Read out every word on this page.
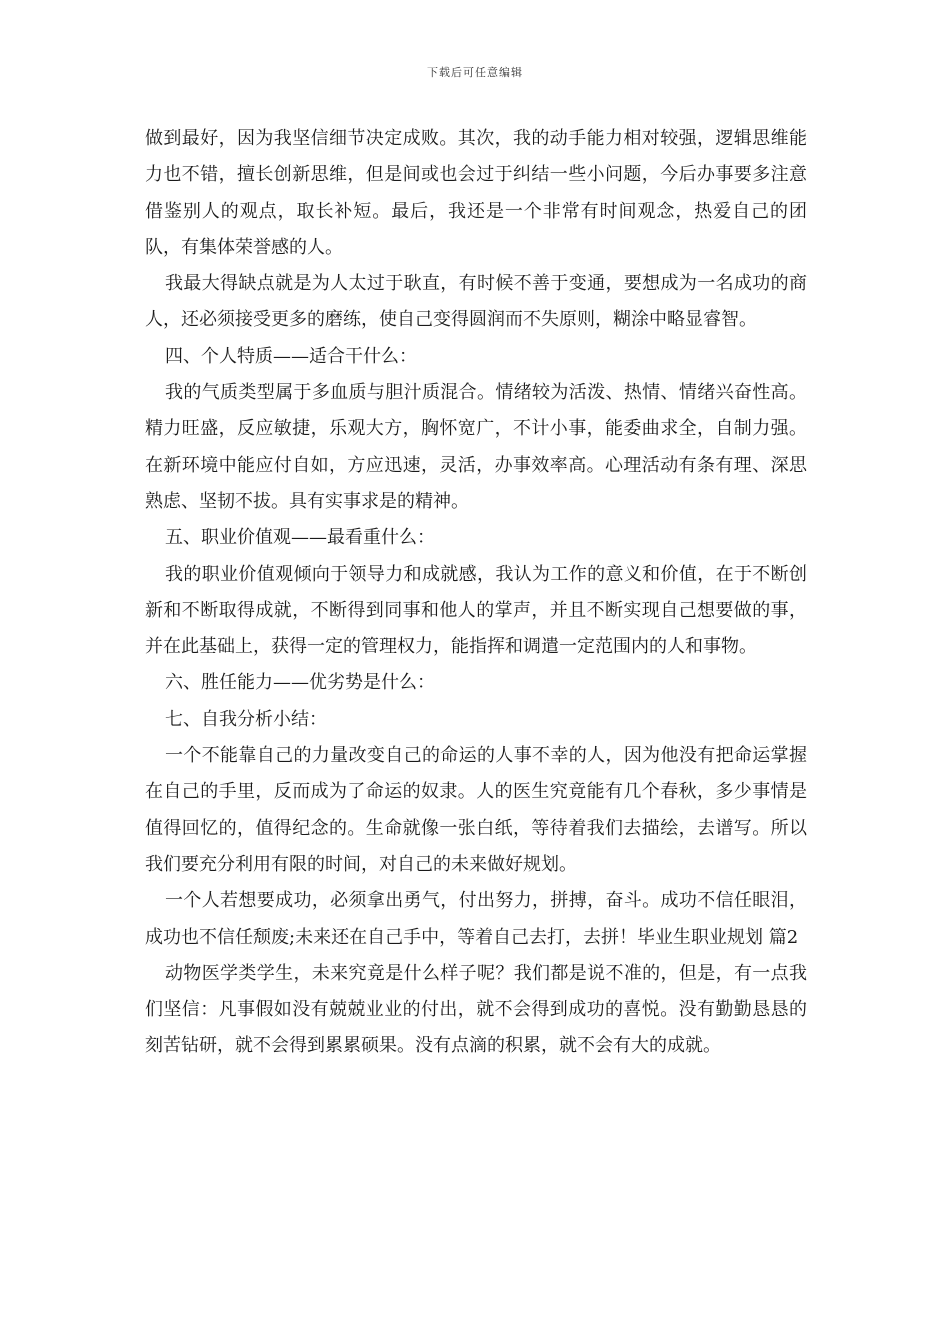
下载后可任意编辑

做到最好，因为我坚信细节决定成败。其次，我的动手能力相对较强，逻辑思维能力也不错，擅长创新思维，但是间或也会过于纠结一些小问题，今后办事要多注意借鉴别人的观点，取长补短。最后，我还是一个非常有时间观念，热爱自己的团队，有集体荣誉感的人。

我最大得缺点就是为人太过于耿直，有时候不善于变通，要想成为一名成功的商人，还必须接受更多的磨练，使自己变得圆润而不失原则，糊涂中略显睿智。

四、个人特质——适合干什么：

我的气质类型属于多血质与胆汁质混合。情绪较为活泼、热情、情绪兴奋性高。精力旺盛，反应敏捷，乐观大方，胸怀宽广，不计小事，能委曲求全，自制力强。在新环境中能应付自如，方应迅速，灵活，办事效率高。心理活动有条有理、深思熟虑、坚韧不拔。具有实事求是的精神。

五、职业价值观——最看重什么：

我的职业价值观倾向于领导力和成就感，我认为工作的意义和价值，在于不断创新和不断取得成就，不断得到同事和他人的掌声，并且不断实现自己想要做的事，并在此基础上，获得一定的管理权力，能指挥和调遣一定范围内的人和事物。

六、胜任能力——优劣势是什么：

七、自我分析小结：

一个不能靠自己的力量改变自己的命运的人事不幸的人，因为他没有把命运掌握在自己的手里，反而成为了命运的奴隶。人的医生究竟能有几个春秋，多少事情是值得回忆的，值得纪念的。生命就像一张白纸，等待着我们去描绘，去谱写。所以我们要充分利用有限的时间，对自己的未来做好规划。

一个人若想要成功，必须拿出勇气，付出努力，拼搏，奋斗。成功不信任眼泪，成功也不信任颓废;未来还在自己手中，等着自己去打，去拼！毕业生职业规划 篇2

动物医学类学生，未来究竟是什么样子呢？我们都是说不准的，但是，有一点我们坚信：凡事假如没有兢兢业业的付出，就不会得到成功的喜悦。没有勤勤恳恳的刻苦钻研，就不会得到累累硕果。没有点滴的积累，就不会有大的成就。
